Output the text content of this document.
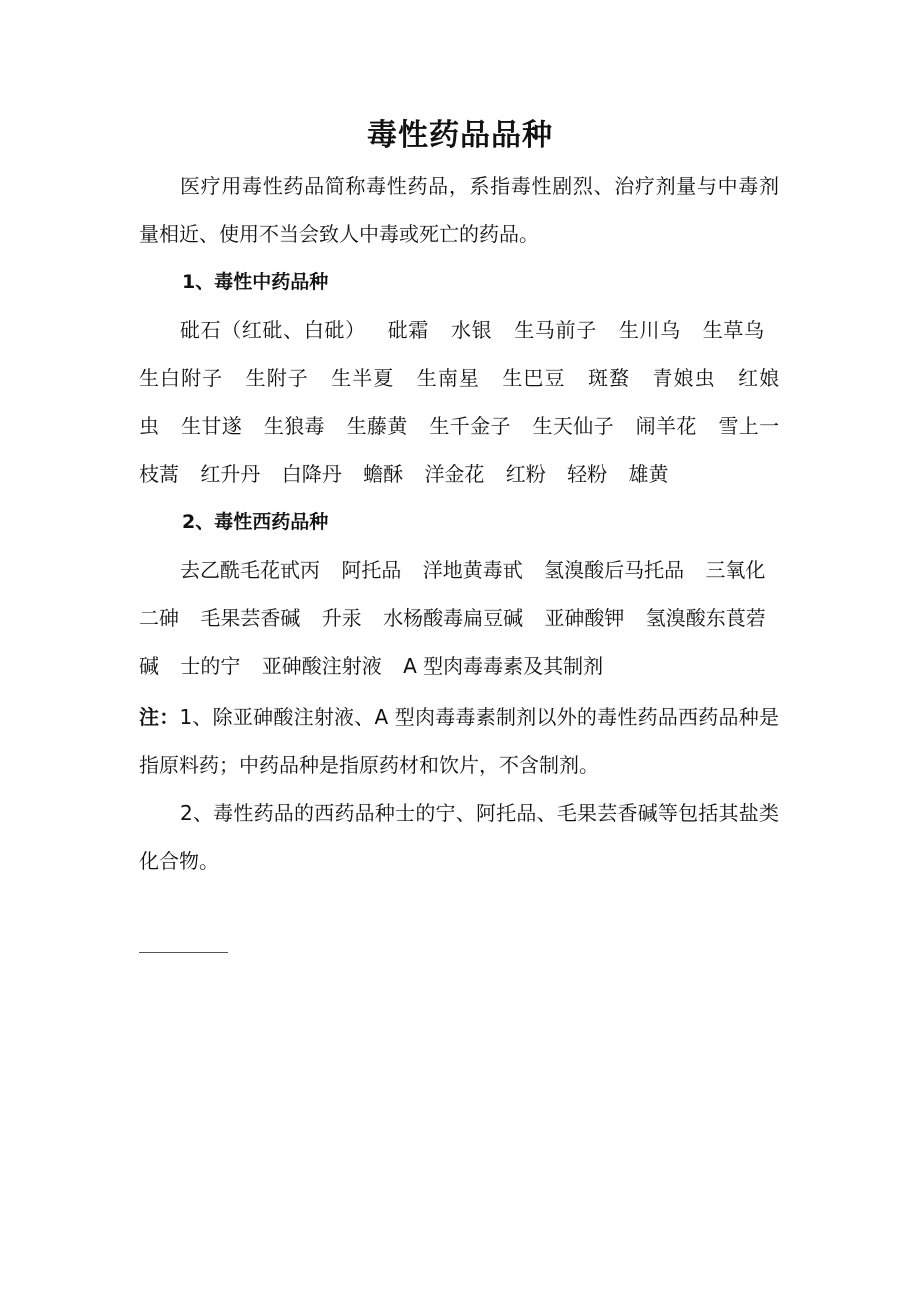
毒性药品品种

医疗用毒性药品简称毒性药品，系指毒性剧烈、治疗剂量与中毒剂量相近、使用不当会致人中毒或死亡的药品。

1、毒性中药品种

砒石（红砒、白砒） 砒霜 水银 生马前子 生川乌 生草乌 生白附子 生附子 生半夏 生南星 生巴豆 斑蝥 青娘虫 红娘虫 生甘遂 生狼毒 生藤黄 生千金子 生天仙子 闹羊花 雪上一枝蒿 红升丹 白降丹 蟾酥 洋金花 红粉 轻粉 雄黄

2、毒性西药品种

去乙酰毛花甙丙 阿托品 洋地黄毒甙 氢溴酸后马托品 三氧化二砷 毛果芸香碱 升汞 水杨酸毒扁豆碱 亚砷酸钾 氢溴酸东莨菪碱 士的宁 亚砷酸注射液 A 型肉毒毒素及其制剂

注：1、除亚砷酸注射液、A 型肉毒毒素制剂以外的毒性药品西药品种是指原料药；中药品种是指原药材和饮片，不含制剂。

2、毒性药品的西药品种士的宁、阿托品、毛果芸香碱等包括其盐类化合物。
